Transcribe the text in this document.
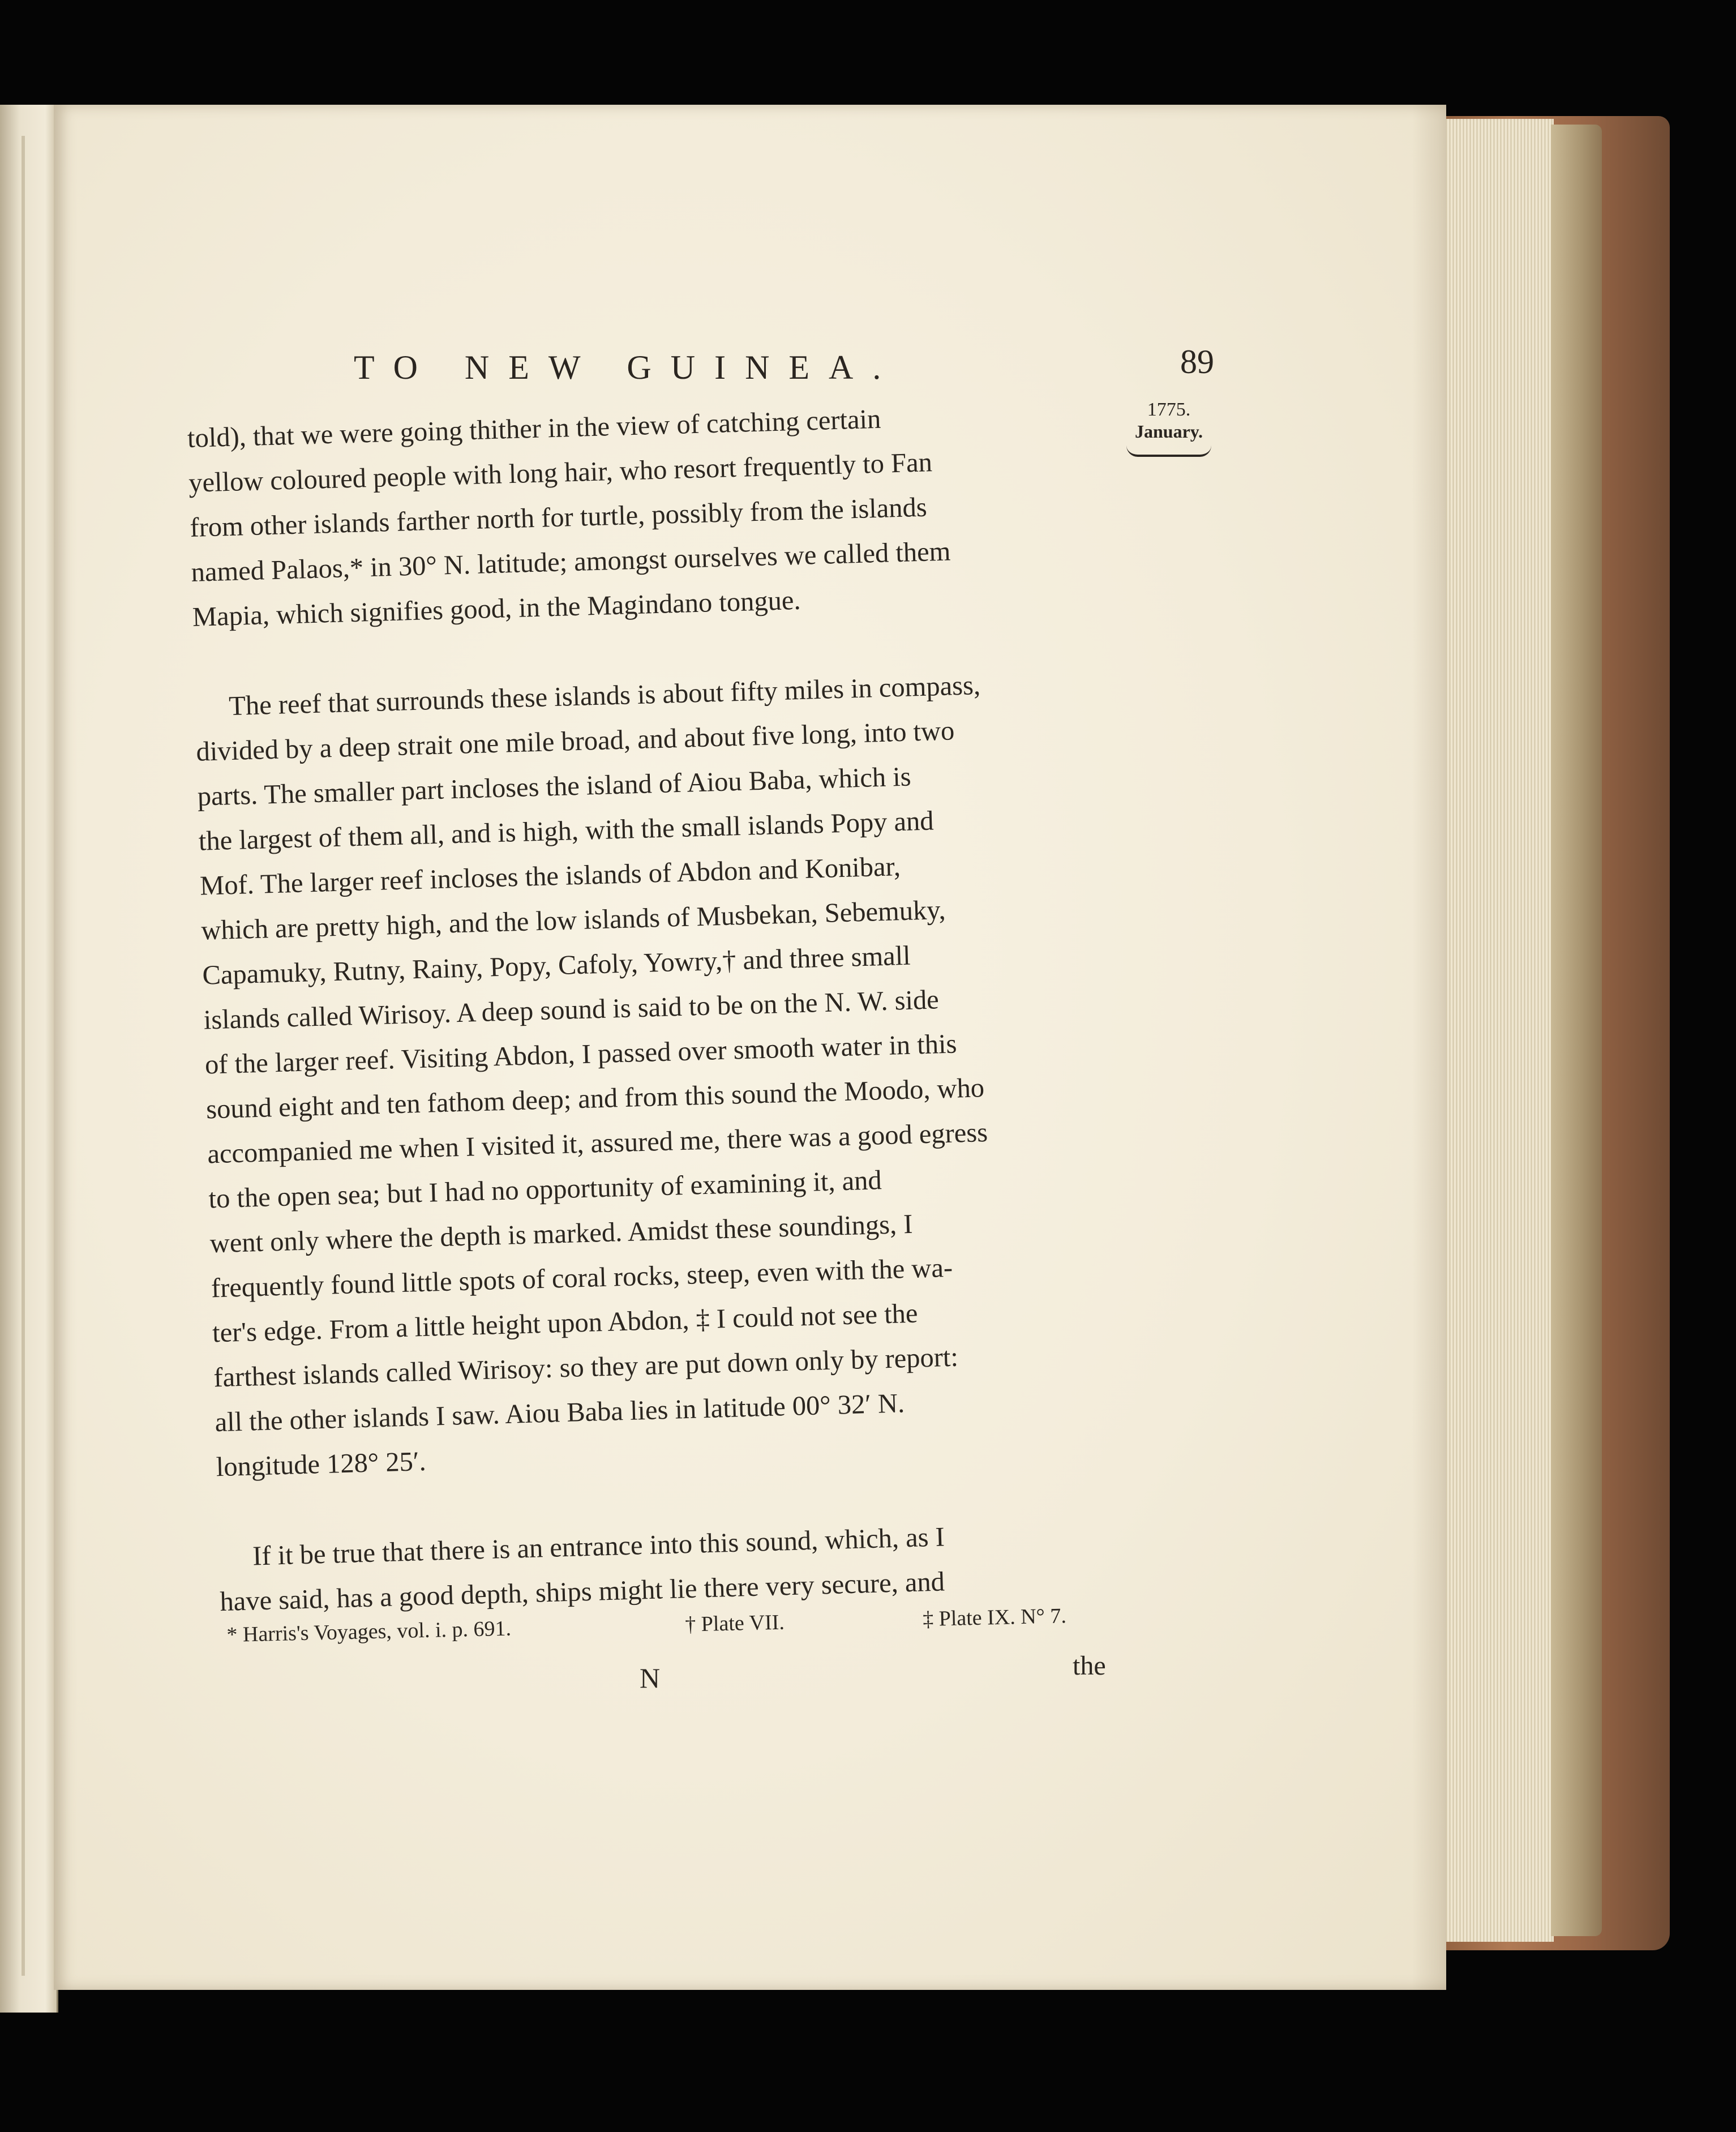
TO NEW GUINEA.	89
1775.
January.

told), that we were going thither in the view of catching certain

yellow coloured people with long hair, who resort frequently to Fan

from other islands farther north for turtle, possibly from the islands

named Palaos,* in 30° N. latitude; amongst ourselves we called them

Mapia, which signifies good, in the Magindano tongue.

The reef that surrounds these islands is about fifty miles in compass,

divided by a deep strait one mile broad, and about five long, into two

parts. The smaller part incloses the island of Aiou Baba, which is

the largest of them all, and is high, with the small islands Popy and

Mof. The larger reef incloses the islands of Abdon and Konibar,

which are pretty high, and the low islands of Musbekan, Sebemuky,

Capamuky, Rutny, Rainy, Popy, Cafoly, Yowry,† and three small

islands called Wirisoy. A deep sound is said to be on the N. W. side

of the larger reef. Visiting Abdon, I passed over smooth water in this

sound eight and ten fathom deep; and from this sound the Moodo, who

accompanied me when I visited it, assured me, there was a good egress

to the open sea; but I had no opportunity of examining it, and

went only where the depth is marked. Amidst these soundings, I

frequently found little spots of coral rocks, steep, even with the wa-

ter's edge. From a little height upon Abdon, ‡ I could not see the

farthest islands called Wirisoy: so they are put down only by report:

all the other islands I saw. Aiou Baba lies in latitude 00° 32′ N.

longitude 128° 25′.

If it be true that there is an entrance into this sound, which, as I

have said, has a good depth, ships might lie there very secure, and

* Harris's Voyages, vol. i. p. 691.	† Plate VII.	‡ Plate IX. N° 7.
N	the
